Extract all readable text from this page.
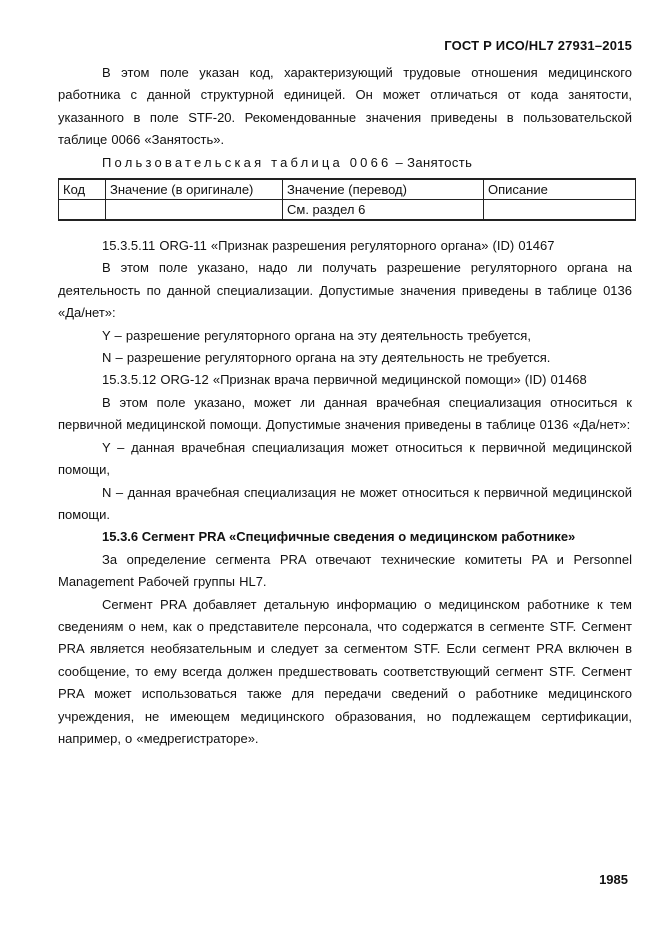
ГОСТ Р ИСО/HL7 27931–2015

В этом поле указан код, характеризующий трудовые отношения медицинского работника с данной структурной единицей. Он может отличаться от кода занятости, указанного в поле STF-20. Рекомендованные значения приведены в пользовательской таблице 0066 «Занятость».

Пользовательская таблица 0066 – Занятость

Код	Значение (в оригинале)	Значение (перевод)	Описание
		См. раздел 6	

15.3.5.11 ORG-11 «Признак разрешения регуляторного органа» (ID) 01467

В этом поле указано, надо ли получать разрешение регуляторного органа на деятельность по данной специализации. Допустимые значения приведены в таблице 0136 «Да/нет»:

Y – разрешение регуляторного органа на эту деятельность требуется,

N – разрешение регуляторного органа на эту деятельность не требуется.

15.3.5.12 ORG-12 «Признак врача первичной медицинской помощи» (ID) 01468

В этом поле указано, может ли данная врачебная специализация относиться к первичной медицинской помощи. Допустимые значения приведены в таблице 0136 «Да/нет»:

Y – данная врачебная специализация может относиться к первичной медицинской помощи,

N – данная врачебная специализация не может относиться к первичной медицинской помощи.

15.3.6 Сегмент PRA «Специфичные сведения о медицинском работнике»

За определение сегмента PRA отвечают технические комитеты PA и Personnel Management Рабочей группы HL7.

Сегмент PRA добавляет детальную информацию о медицинском работнике к тем сведениям о нем, как о представителе персонала, что содержатся в сегменте STF. Сегмент PRA является необязательным и следует за сегментом STF. Если сегмент PRA включен в сообщение, то ему всегда должен предшествовать соответствующий сегмент STF. Сегмент PRA может использоваться также для передачи сведений о работнике медицинского учреждения, не имеющем медицинского образования, но подлежащем сертификации, например, о «медрегистраторе».

1985
